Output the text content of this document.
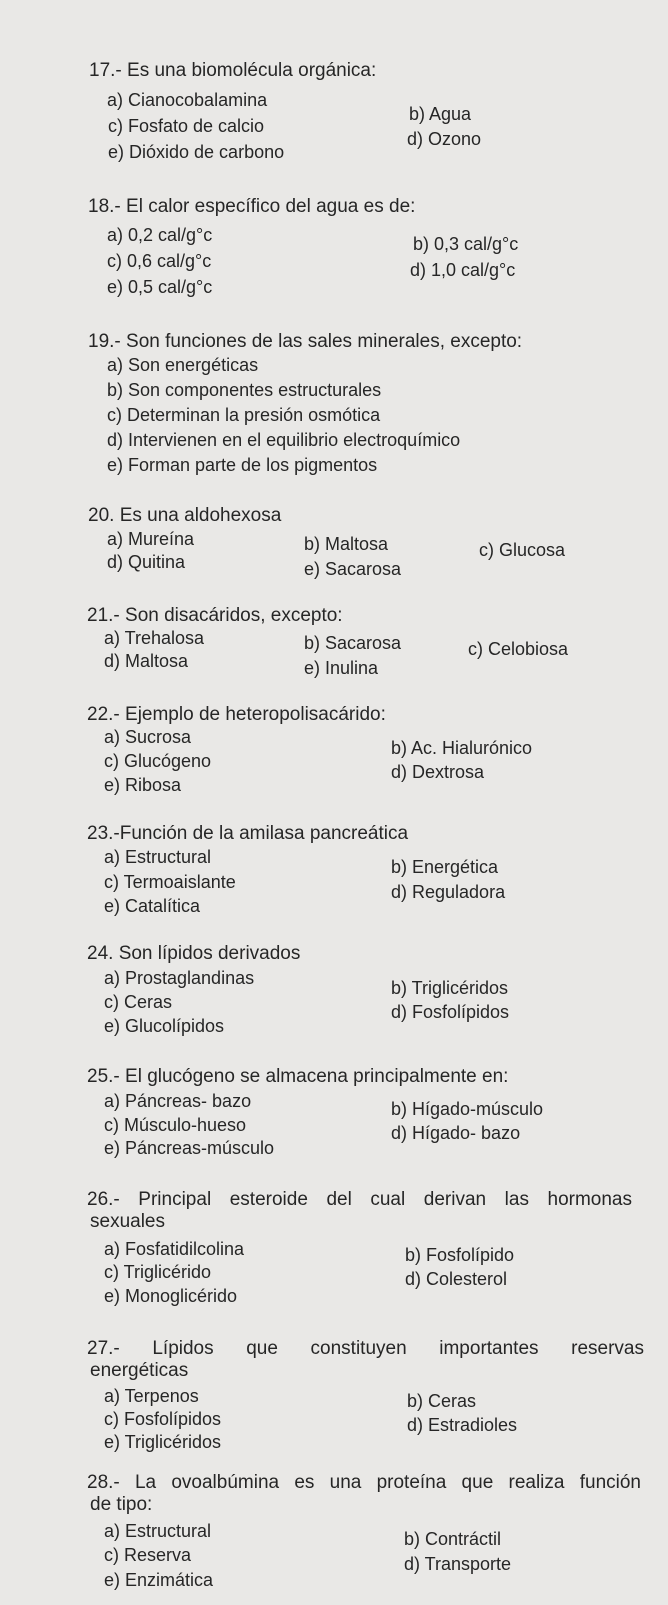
17.- Es una biomolécula orgánica:
a) Cianocobalamina
b) Agua
c) Fosfato de calcio
d) Ozono
e) Dióxido de carbono
18.- El calor específico del agua es de:
a) 0,2 cal/g°c	b) 0,3 cal/g°c
c) 0,6 cal/g°c	d) 1,0 cal/g°c
e) 0,5 cal/g°c
19.- Son funciones de las sales minerales, excepto:
a) Son energéticas
b) Son componentes estructurales
c) Determinan la presión osmótica
d) Intervienen en el equilibrio electroquímico
e) Forman parte de los pigmentos
20. Es una aldohexosa
a) Mureína	b) Maltosa	c) Glucosa
d) Quitina	e) Sacarosa
21.- Son disacáridos, excepto:
a) Trehalosa	b) Sacarosa	c) Celobiosa
d) Maltosa	e) Inulina
22.- Ejemplo de heteropolisacárido:
a) Sucrosa
b) Ac. Hialurónico
c) Glucógeno
d) Dextrosa
e) Ribosa
23.-Función de la amilasa pancreática
a) Estructural	b) Energética
c) Termoaislante	d) Reguladora
e) Catalítica
24. Son lípidos derivados
a) Prostaglandinas	b) Triglicéridos
c) Ceras	d) Fosfolípidos
e) Glucolípidos
25.- El glucógeno se almacena principalmente en:
a) Páncreas- bazo	b) Hígado-músculo
c) Músculo-hueso	d) Hígado- bazo
e) Páncreas-músculo
26.- Principal esteroide del cual derivan las hormonas
sexuales
a) Fosfatidilcolina	b) Fosfolípido
c) Triglicérido	d) Colesterol
e) Monoglicérido
27.- Lípidos que constituyen importantes reservas
energéticas
a) Terpenos	b) Ceras
c) Fosfolípidos	d) Estradioles
e) Triglicéridos
28.- La ovoalbúmina es una proteína que realiza función
de tipo:
a) Estructural	b) Contráctil
c) Reserva	d) Transporte
e) Enzimática
